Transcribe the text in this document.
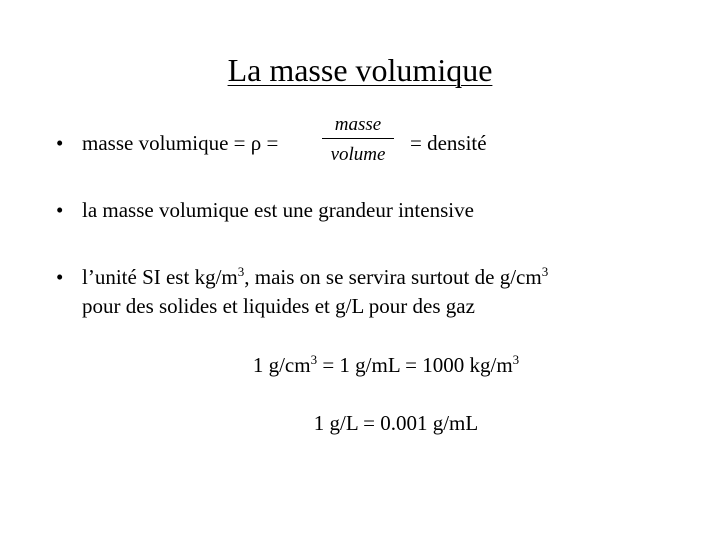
La masse volumique
• masse volumique = ρ =
masse
volume	= densité
• la masse volumique est une grandeur intensive
• l’unité SI est $kg/m^3$, mais on se servira surtout de $g/cm^3$
pour des solides et liquides et g/L pour des gaz
1 $g/cm^3 = 1$ g/mL = 1000 $kg/m^3$
1 g/L = 0.001 g/mL
